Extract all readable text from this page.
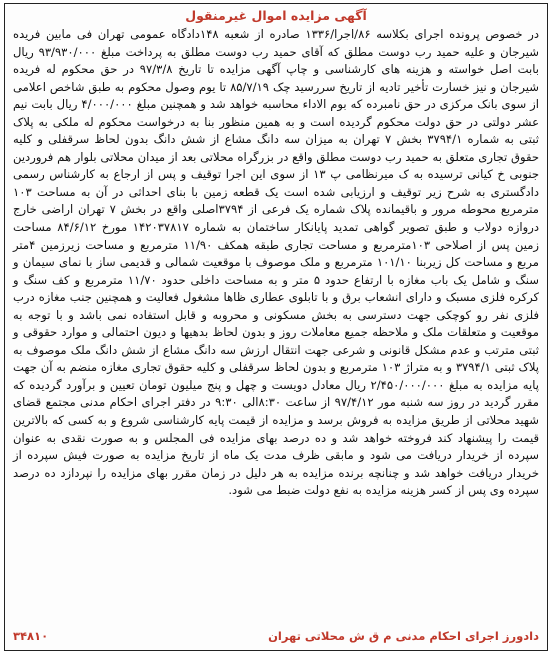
آگهی مزایده اموال غیرمنقول

در خصوص پرونده اجرای بکلاسه ۸۶/اجرا/۱۳۳۶ صادره از شعبه ۱۴۸دادگاه عمومی تهران فی مابین فریده شیرجان و علیه حمید رب دوست مطلق که آقای حمید رب دوست مطلق به پرداخت مبلغ ۹۳/۹۳۰/۰۰۰ ریال بابت اصل خواسته و هزینه های کارشناسی و چاپ آگهی مزایده تا تاریخ ۹۷/۳/۸ در حق محکوم له فریده شیرجان و نیز خسارت تأخیر تادیه از تاریخ سررسید چک ۸۵/۷/۱۹ تا یوم وصول محکوم به طبق شاخص اعلامی از سوی بانک مرکزی در حق نامبرده که بوم الاداء محاسبه خواهد شد و همچنین مبلغ ۴/۰۰۰/۰۰۰ ریال بابت نیم عشر دولتی در حق دولت محکوم گردیده است و به همین منظور بنا به درخواست محکوم له ملکی به پلاک ثبتی به شماره ۳۷۹۴/۱ بخش ۷ تهران به میزان سه دانگ مشاع از شش دانگ بدون لحاظ سرقفلی و کلیه حقوق تجاری متعلق به حمید رب دوست مطلق واقع در بزرگراه محلاتی بعد از میدان محلاتی بلوار هم فروردین جنوبی خ کیانی ترسیده به ک میرنظامی پ ۱۳ از سوی این اجرا توقیف و پس از ارجاع به کارشناس رسمی دادگستری به شرح زیر توقیف و ارزیابی شده است یک قطعه زمین با بنای احداثی در آن به مساحت ۱۰۳ مترمربع محوطه مرور و باقیمانده پلاک شماره یک فرعی از ۳۷۹۴اصلی واقع در بخش ۷ تهران اراضی خارج دروازه دولاب و طبق تصویر گواهی تمدید پایانکار ساختمان به شماره ۱۴۲۰۳۷۸۱۷ مورخ ۸۴/۶/۱۲ مساحت زمین پس از اصلاحی ۱۰۳مترمربع و مساحت تجاری طبقه همکف ۱۱/۹۰ مترمربع و مساحت زیرزمین ۴متر مربع و مساحت کل زیربنا ۱۰۱/۱۰ مترمربع و ملک موصوف با موقعیت شمالی و قدیمی ساز با نمای سیمان و سنگ و شامل یک باب مغازه با ارتفاع حدود ۵ متر و به مساحت داخلی حدود ۱۱/۷۰ مترمربع و کف سنگ و کرکره فلزی مسبک و دارای انشعاب برق و با تابلوی عطاری ظاها مشغول فعالیت و همچنین جنب مغازه درب فلزی نفر رو کوچکی جهت دسترسی به بخش مسکونی و محروبه و قابل استفاده نمی باشد و با توجه به موقعیت و متعلقات ملک و ملاحظه جمیع معاملات روز و بدون لحاظ بدهیها و دیون احتمالی و موارد حقوقی و ثبتی مترتب و عدم مشکل قانونی و شرعی جهت انتقال ارزش سه دانگ مشاع از شش دانگ ملک موصوف به پلاک ثبتی ۳۷۹۴/۱ و به متراژ ۱۰۳ مترمربع و بدون لحاظ سرقفلی و کلیه حقوق تجاری مغازه منضم به آن جهت پایه مزایده به مبلغ ۲/۴۵۰/۰۰۰/۰۰۰ ریال معادل دویست و چهل و پنج میلیون تومان تعیین و برآورد گردیده که مقرر گردید در روز سه شنبه مور ۹۷/۴/۱۲ از ساعت ۸:۳۰الی ۹:۳۰ در دفتر اجرای احکام مدنی مجتمع قضای شهید محلاتی از طریق مزایده به فروش برسد و مزایده از قیمت پایه کارشناسی شروع و به کسی که بالاترین قیمت را پیشنهاد کند فروخته خواهد شد و ده درصد بهای مزایده فی المجلس و به صورت نقدی به عنوان سپرده از خریدار دریافت می شود و مابقی ظرف مدت یک ماه از تاریخ مزایده به صورت فیش سپرده از خریدار دریافت خواهد شد و چنانچه برنده مزایده به هر دلیل در زمان مقرر بهای مزایده را نپردازد ده درصد سپرده وی پس از کسر هزینه مزایده به نفع دولت ضبط می شود.

دادورز اجرای احکام مدنی م ق ش محلاتی تهران
۳۴۸۱۰
